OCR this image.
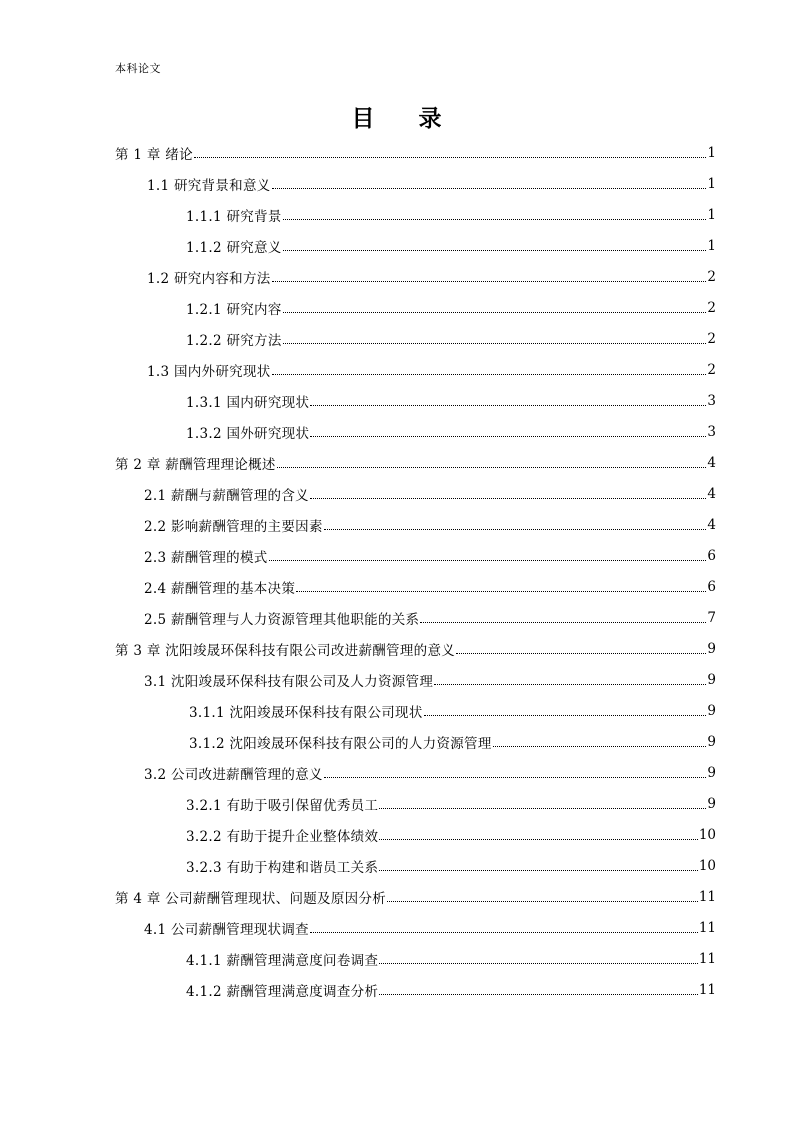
本科论文
目 录
第 1 章 绪论	1
1.1 研究背景和意义	1
1.1.1 研究背景	1
1.1.2 研究意义	1
1.2 研究内容和方法	2
1.2.1 研究内容	2
1.2.2 研究方法	2
1.3 国内外研究现状	2
1.3.1 国内研究现状	3
1.3.2 国外研究现状	3
第 2 章 薪酬管理理论概述	4
2.1 薪酬与薪酬管理的含义	4
2.2 影响薪酬管理的主要因素	4
2.3 薪酬管理的模式	6
2.4 薪酬管理的基本决策	6
2.5 薪酬管理与人力资源管理其他职能的关系	7
第 3 章 沈阳竣晟环保科技有限公司改进薪酬管理的意义	9
3.1 沈阳竣晟环保科技有限公司及人力资源管理	9
3.1.1 沈阳竣晟环保科技有限公司现状	9
3.1.2 沈阳竣晟环保科技有限公司的人力资源管理	9
3.2 公司改进薪酬管理的意义	9
3.2.1 有助于吸引保留优秀员工	9
3.2.2 有助于提升企业整体绩效	10
3.2.3 有助于构建和谐员工关系	10
第 4 章 公司薪酬管理现状、问题及原因分析	11
4.1 公司薪酬管理现状调查	11
4.1.1 薪酬管理满意度问卷调查	11
4.1.2 薪酬管理满意度调查分析	11
